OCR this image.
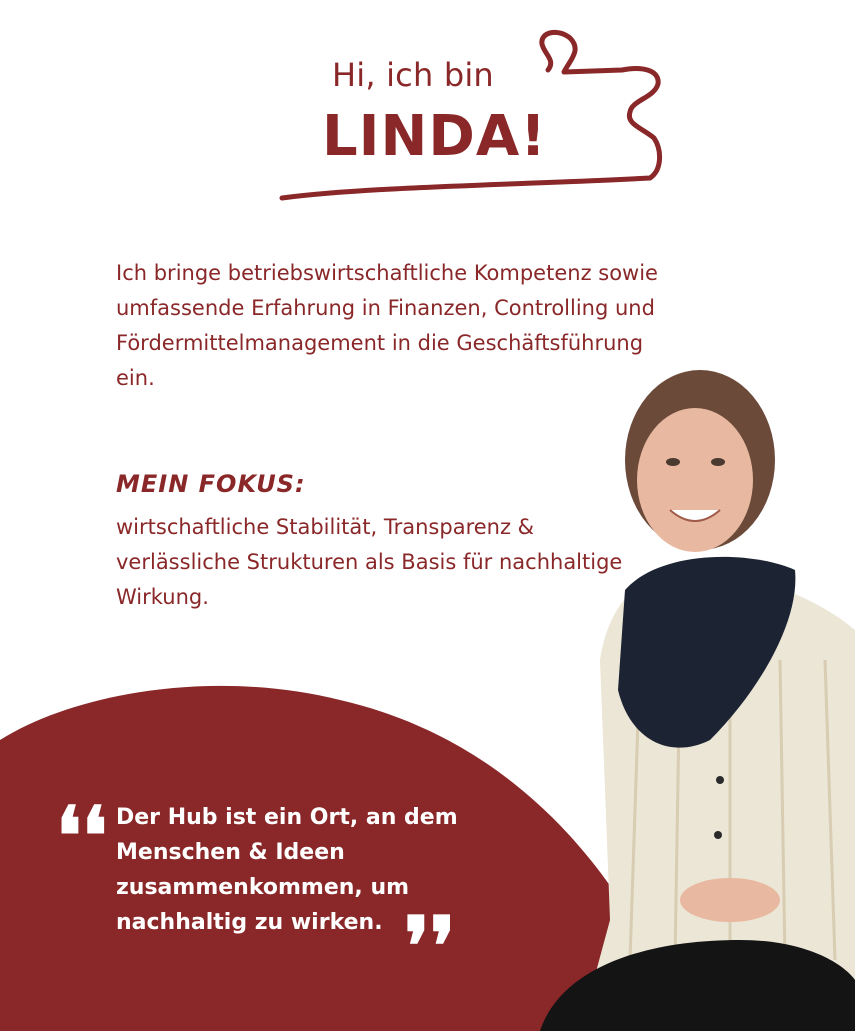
Hi, ich bin
LINDA!
Ich bringe betriebswirtschaftliche Kompetenz sowie umfassende Erfahrung in Finanzen, Controlling und Fördermittelmanagement in die Geschäftsführung ein.
MEIN FOKUS:
wirtschaftliche Stabilität, Transparenz & verlässliche Strukturen als Basis für nachhaltige Wirkung.
❛❛ Der Hub ist ein Ort, an dem Menschen & Ideen zusammenkommen, um nachhaltig zu wirken. ❜❜
